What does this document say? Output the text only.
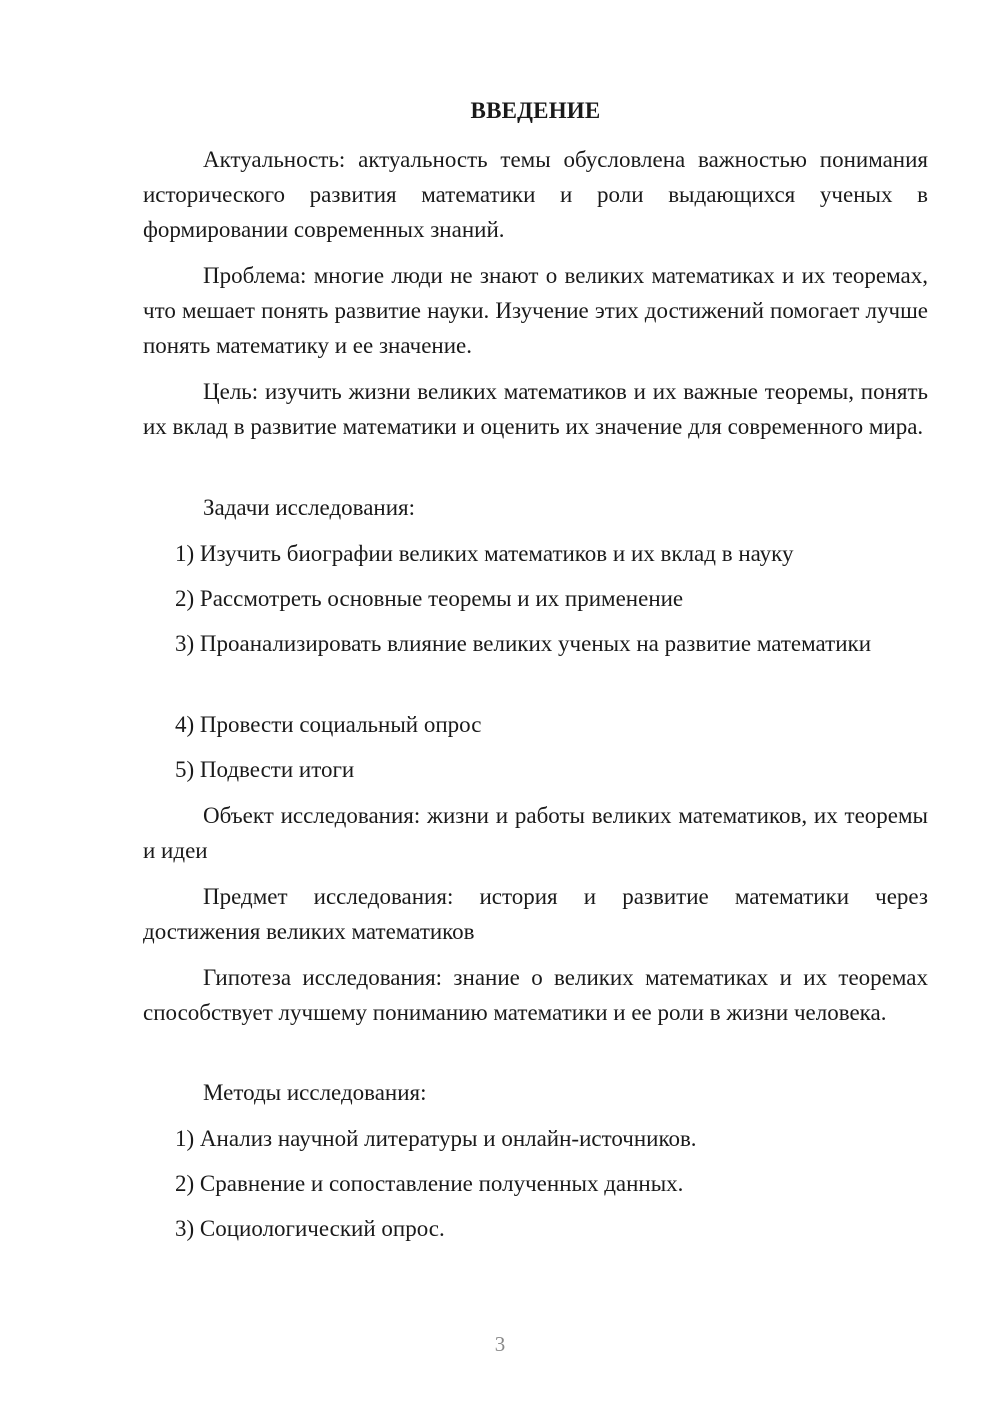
ВВЕДЕНИЕ

Актуальность: актуальность темы обусловлена важностью понимания исторического развития математики и роли выдающихся ученых в формировании современных знаний.

Проблема: многие люди не знают о великих математиках и их теоремах, что мешает понять развитие науки. Изучение этих достижений помогает лучше понять математику и ее значение.

Цель: изучить жизни великих математиков и их важные теоремы, понять их вклад в развитие математики и оценить их значение для современного мира.

Задачи исследования:

1) Изучить биографии великих математиков и их вклад в науку

2) Рассмотреть основные теоремы и их применение

3) Проанализировать влияние великих ученых на развитие математики

4) Провести социальный опрос

5) Подвести итоги

Объект исследования: жизни и работы великих математиков, их теоремы и идеи

Предмет исследования: история и развитие математики через достижения великих математиков

Гипотеза исследования: знание о великих математиках и их теоремах способствует лучшему пониманию математики и ее роли в жизни человека.

Методы исследования:

1) Анализ научной литературы и онлайн-источников.

2) Сравнение и сопоставление полученных данных.

3) Социологический опрос.

3
